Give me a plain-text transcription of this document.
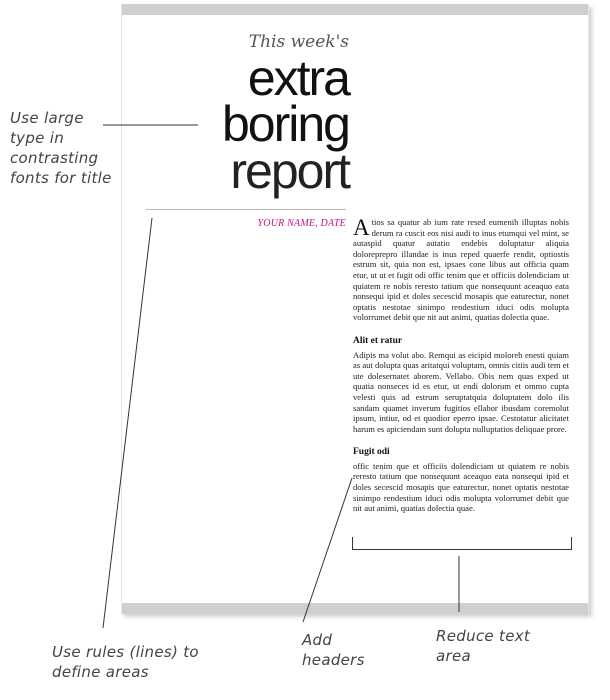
This week's
extra
boring
report
YOUR NAME, DATE Atios sa quatur ab ium rate resed eumenih illuptas nobis derum ra cuscit eos nisi audi to inus etumqui vel mint, se autaspid quatur autatio endebis doluptatur aliquia doloreprepro illandae is inus reped quaerfe rendit, optiostis estrum sit, quia non est, ipsaes cone libus aut officia quam etur, ut ut et fugit odi offic tenim que et officiis dolendiciam ut quiatem re nobis reresto tatium que nonsequunt aceaquo eata nonsequi ipid et doles secescid mosapis que eaturectur, nonet optatis nestotae sinimpo rendestium iduci odis molupta volorrumet debit que nit aut animi, quatias dolectia quae.

Alit et ratur

Adipis ma volut abo. Remqui as eicipid moloreh enesti quiam as aut dolupta quas aritatqui voluptam, omnis citiis audi tem et ute dolesernatet aborem. Vellabo. Obis nem quas exped ut quatia nonseces id es etur, ut endi dolorum et ommo cupta velesti quis ad estrum seruptatquia doluptatem dolo ilis sandam quamet inverum fugitios ellabor ibusdam coremolut ipsum, intiur, od et quodior eperro ipsae. Cestotatur alicitatet harum es apiciendam sunt dolupta nulluptatios deliquae prore.

Fugit odi

offic tenim que et officiis dolendiciam ut quiatem re nobis reresto tatium que nonsequunt aceaquo eata nonsequi ipid et doles secescid mosapis que eaturectur, nonet optatis nestotae sinimpo rendestium iduci odis molupta volorrumet debit que nit aut animi, quatias dolectia quae.

Use large type in contrasting fonts for title
Use rules (lines) to define areas
Add headers
Reduce text area
